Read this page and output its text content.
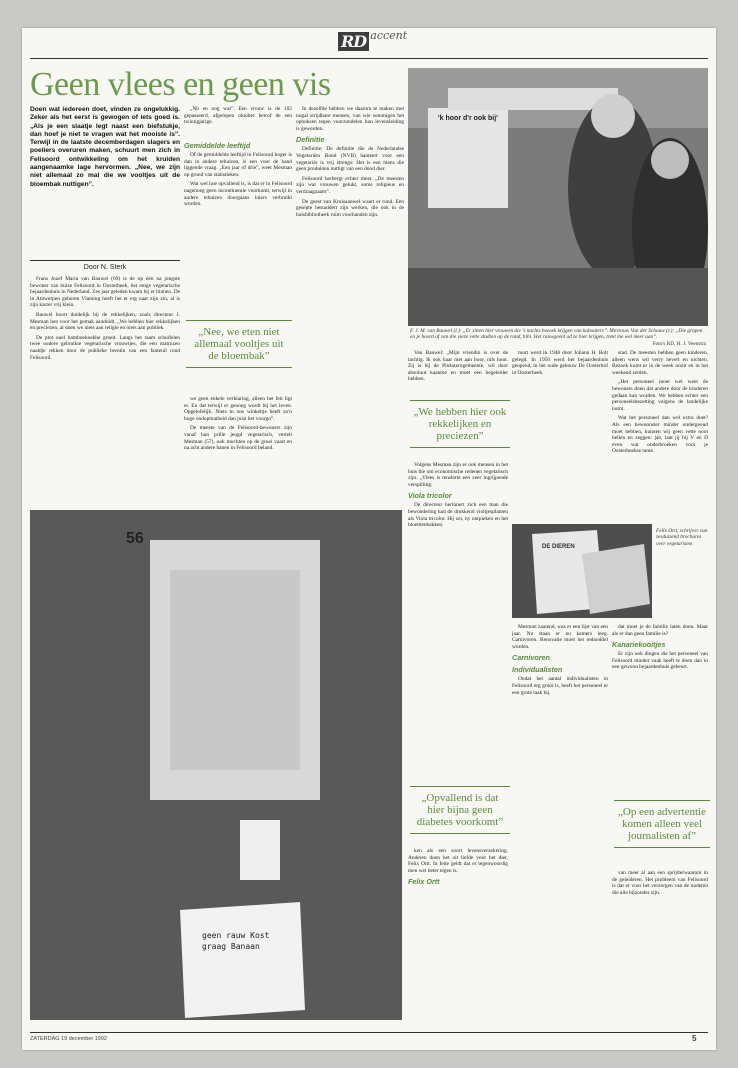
RD $^{accent}$
Geen vlees en geen vis
Doen wat iedereen doet, vinden ze ongelukkig. Zeker als het eerst is gewogen of iets goed is. „Als je een slaatje legt naast een biefstukje, dan hoef je niet te vragen wat het mooiste is”. Terwijl in de laatste decemberdagen slagers en poeliers overuren maken, schuurt men zich in Felisoord ontwikkeling om het kruiden aangenaamke lage hervormen. „Nee, we zijn niet allemaal zo mal die we vooltjes uit de bloembak nuttigen”.
Door N. Sterk

Frans Jozef Maria van Bauwel (69) is de op één na jongste bewoner van huize Felisoord in Oosterbeek, het enige vegetarische bejaardenhuis in Nederland. Zes jaar geleden kwam hij er binnen. De in Antwerpen geboren Vlaming heeft het er erg naar zijn zin, al is zijn karrer vrij klein.

Bauwel hoort duidelijk bij de rekkelijken, zoals directeur J. Mesman hen voor het gemak aanduidt. „We hebben hier rekkelijken en preciezen, al doen we niets aan religie en niets aan politiek.

De ptot ouel bamboeknekhe groeit. Langs het raam schuifelen twee oudere gebruikte vegetarische vrouwtjes, die een matrozen naaldje rekken door de publieke brentin van een fauteuil rond Felisoord.

„Nb en nog wat”. Een vrouw is de 102 gepasseerd, afgelopen oktober betrof de een twintigjarige.

Gemiddelde leeftijd

Of de gemiddelde leeftijd in Felisoord hoger is dan in andere tehuizen, is een voor de hand liggende vraag. „Een jaar of drie”, weet Mesman op grond van statistieken.

Wat wel hoe opvallend is, is dat er in Felisoord nagenoeg geen incontinentie voorkomt, terwijl in andere tehuizen doorgaans luiers verbruikt worden.

„Nee, we eten niet allemaal vooltjes uit de bloembak”

we geen enkele verklaring, alleen het feit ligt er. En dat terwijl er genoeg wordt bij het leven. Opgelofelijk. Niets in ons winkeltje heeft zo'n hoge ondopmatheid dan juist het voorgo”.

De meeste van de Felisoord-bewoners zijn vanaf hun prille jeugd vegetarisch, vertelt Mesman (57), ook mochten op de groei vaart en na acht andere banen in Felisoord beland.

In dezelfde hebben we daarom te maken met nogal strijdbare mensen, van wie sommigen het ophoksen tegen voorzondelen hun levensleiding is geworden.

Definitie

Definitie: De definitie die de Nederlandse Vegetariërs Bond (NVB) hanteert voor een vegetariër is vrij strengs: Het is een mens die geen produkten nuttigt van een dood dier.

Felisoord herbergt echter meer. „De meesten zijn wat vrouwen gelukt, soms religieus en verdraagzaam”.

De geest van Kruisaanwel waart er rond. Een gesepte bestaddert zijn werken, die ook in de huisbibliotheek ruim voorhanden zijn.

'k hoor d'r ook bij'
F. J. M. van Bauwel (l.): „Er zitten hier vrouwen die 's nachts bezoek krijgen van kabouters”. Mevrouw Van der Schouw (r.): „Die grapen en je hoord af van die vieze vette studten op de rand, hihi. Het rauwgeeld ad ze hier krijgen, trekt me wel meer aan”.
Foto's RD, H. J. Veenstra

Van Bauwel: „Mijn vriendin is over de tachtig. Ik ook haar niet aan boor, nils hoor. Zij is bij de Pinksterngemeente, wil door absoluut kaantoe en moet een begeleider hebben.

„We hebben hier ook rekkelijken en preciezen”

Volgens Mesman zijn er ook mensen in het huis die om economische redenen vegetarisch zijn. „Vlees is tenslotte een zeer ingrijpende verspilling.

Viola tricolor

De directeur herinnert zich een man die bewondering had de drukkend violtjesplanten als Viola tricolor. Hij zei, hy ontpieken en het bloemenbakken.

„Opvallend is dat hier bijna geen diabetes voorkomt”

ken als een soort levensverzekering. Anderen doen het uit liefde voor het dier. Felix Ortt. In feite geldt dat er tegenwoordig men wel beter tegen is.

Felix Ortt

tuurt werd in 1948 door Johann H. Bolt gelegd. In 1950 werd het bejaardenhuis geopend, in het oude gebouw De Oosterhof in Oosterbeek.

DE DIEREN
Felix Ortt, schrijver van zesduizend brochures over vegetarisme.

Mesman zaaiend, was er een lijst van een jaar. Nu staan er nu kamers leeg. Carnivoren. Renovatie moet het rednoddel worden.

Carnivoren
Individualisten

Ondat het aantal individualisten in Felisoord erg groot is, heeft het personeel er een grote taak bij.

stad. De meesten hebben geen kinderen, alleen wens wil verry nevert en nichten. Bezoek komt er in de week nooit en in het weekend zelden.

„Het personeel moet wel weet de bewoners doen dat andere door de kinderen gedaan kan worden. We hebben echter een personeelsbezetting volgens de landelijke norm.

Wat het personeel dan wel extra doet? Als een bewoonster minder ondergeoud moet hebben, kunnen wij geen vette noot bellen en zeggen: jah, laat jij bij V en D even wat onderbroeken voor je Oosterbeekse tante.

dat moet je de familie laten doen. Maar als er dan geen familie is?

Kanariekooitjes

Er zijn ook dingen die het personeel van Felisoord minder vaak heeft te doen dan in een gewoon bejaardenhuis gebeurt.

„Op een advertentie komen alleen veel journalisten af”

van meer al aan een sprijtterwaarom in de geleideren. Het probleem van Felisoord is dat er voor het verzorgen van de ouderen die alle bijzonder zijn.

56
geen rauw Kost graag Banaan
...Felisoord, december 1992...
ZATERDAG 19 december 1992	5
